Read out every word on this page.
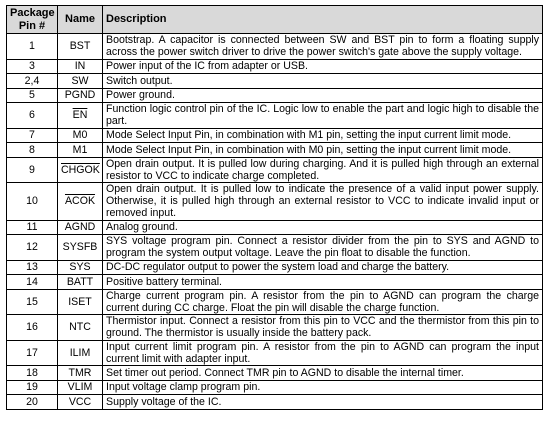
Package Pin #	Name	Description
1	BST	Bootstrap. A capacitor is connected between SW and BST pin to form a floating supply across the power switch driver to drive the power switch's gate above the supply voltage.
3	IN	Power input of the IC from adapter or USB.
2,4	SW	Switch output.
5	PGND	Power ground.
6	$\overline{EN}$	Function logic control pin of the IC. Logic low to enable the part and logic high to disable the part.
7	M0	Mode Select Input Pin, in combination with M1 pin, setting the input current limit mode.
8	M1	Mode Select Input Pin, in combination with M0 pin, setting the input current limit mode.
9	CHGOK	Open drain output. It is pulled low during charging. And it is pulled high through an external resistor to VCC to indicate charge completed.
10	ACOK	Open drain output. It is pulled low to indicate the presence of a valid input power supply. Otherwise, it is pulled high through an external resistor to VCC to indicate invalid input or removed input.
11	AGND	Analog ground.
12	SYSFB	SYS voltage program pin. Connect a resistor divider from the pin to SYS and AGND to program the system output voltage. Leave the pin float to disable the function.
13	SYS	DC-DC regulator output to power the system load and charge the battery.
14	BATT	Positive battery terminal.
15	ISET	Charge current program pin. A resistor from the pin to AGND can program the charge current during CC charge. Float the pin will disable the charge function.
16	NTC	Thermistor input. Connect a resistor from this pin to VCC and the thermistor from this pin to ground. The thermistor is usually inside the battery pack.
17	ILIM	Input current limit program pin. A resistor from the pin to AGND can program the input current limit with adapter input.
18	TMR	Set timer out period. Connect TMR pin to AGND to disable the internal timer.
19	VLIM	Input voltage clamp program pin.
20	VCC	Supply voltage of the IC.
